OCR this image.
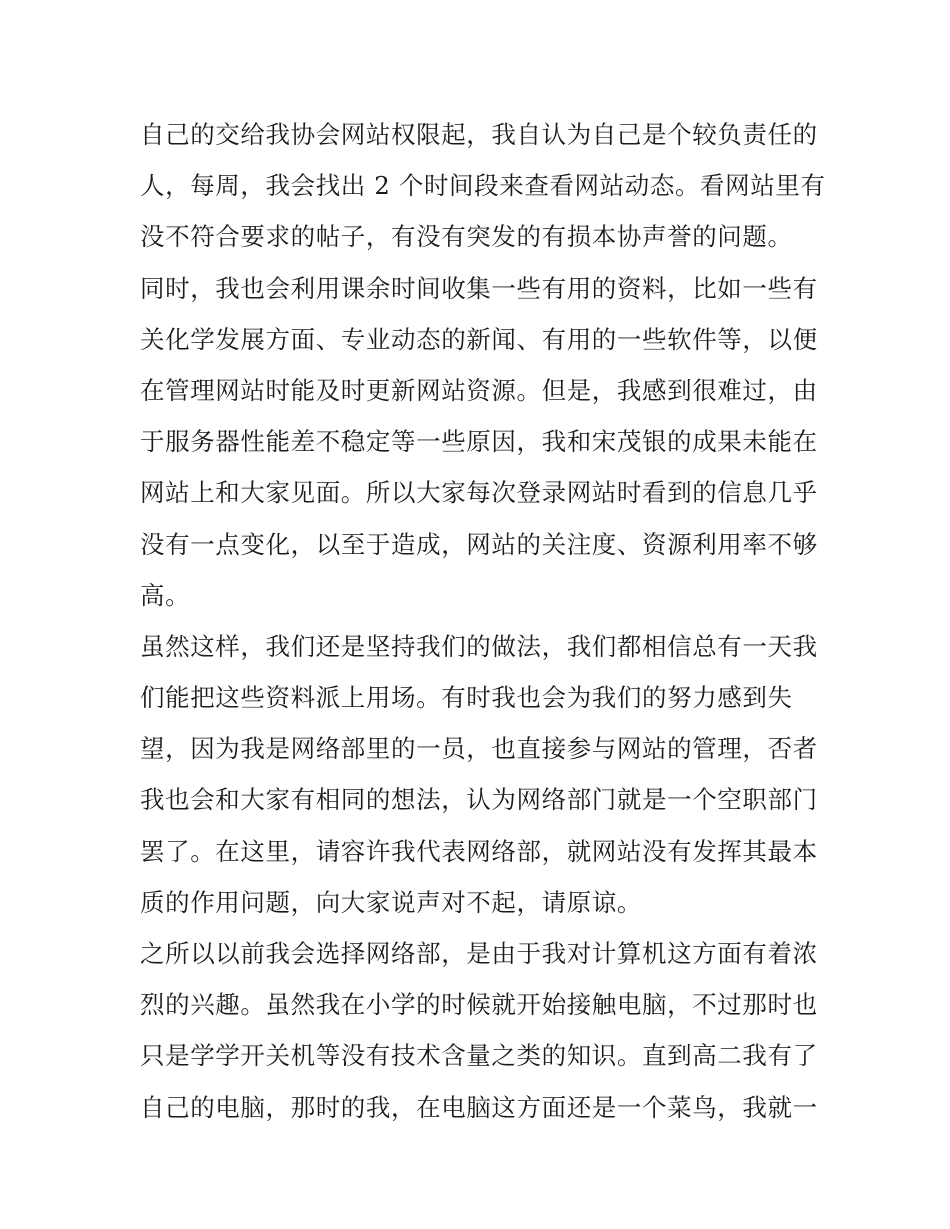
自己的交给我协会网站权限起，我自认为自己是个较负责任的
人，每周，我会找出 2 个时间段来查看网站动态。看网站里有
没不符合要求的帖子，有没有突发的有损本协声誉的问题。
同时，我也会利用课余时间收集一些有用的资料，比如一些有
关化学发展方面、专业动态的新闻、有用的一些软件等，以便
在管理网站时能及时更新网站资源。但是，我感到很难过，由
于服务器性能差不稳定等一些原因，我和宋茂银的成果未能在
网站上和大家见面。所以大家每次登录网站时看到的信息几乎
没有一点变化，以至于造成，网站的关注度、资源利用率不够
高。
虽然这样，我们还是坚持我们的做法，我们都相信总有一天我
们能把这些资料派上用场。有时我也会为我们的努力感到失
望，因为我是网络部里的一员，也直接参与网站的管理，否者
我也会和大家有相同的想法，认为网络部门就是一个空职部门
罢了。在这里，请容许我代表网络部，就网站没有发挥其最本
质的作用问题，向大家说声对不起，请原谅。
之所以以前我会选择网络部，是由于我对计算机这方面有着浓
烈的兴趣。虽然我在小学的时候就开始接触电脑，不过那时也
只是学学开关机等没有技术含量之类的知识。直到高二我有了
自己的电脑，那时的我，在电脑这方面还是一个菜鸟，我就一
